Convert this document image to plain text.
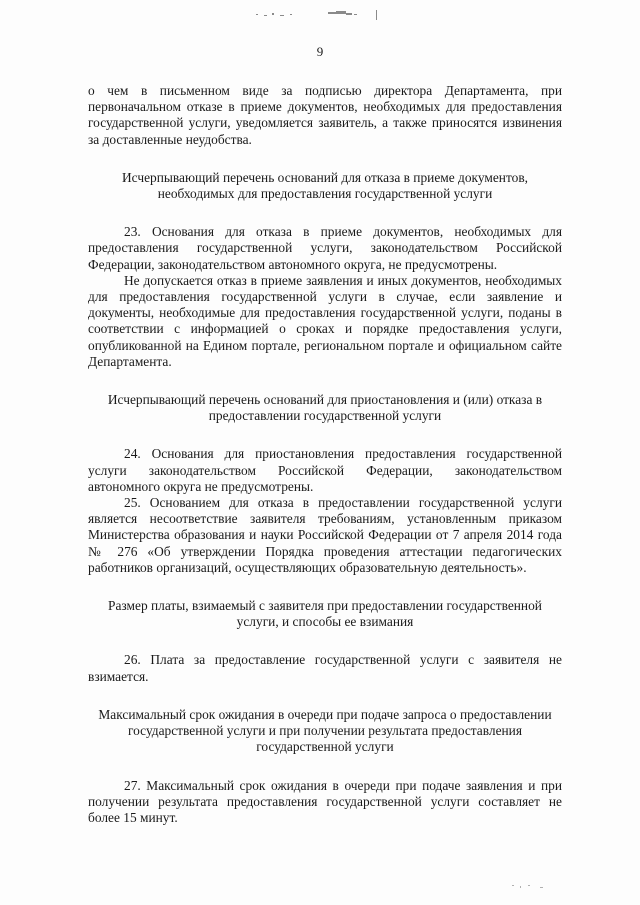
9

о чем в письменном виде за подписью директора Департамента, при первоначальном отказе в приеме документов, необходимых для предоставления государственной услуги, уведомляется заявитель, а также приносятся извинения за доставленные неудобства.

Исчерпывающий перечень оснований для отказа в приеме документов, необходимых для предоставления государственной услуги

23. Основания для отказа в приеме документов, необходимых для предоставления государственной услуги, законодательством Российской Федерации, законодательством автономного округа, не предусмотрены.

Не допускается отказ в приеме заявления и иных документов, необходимых для предоставления государственной услуги в случае, если заявление и документы, необходимые для предоставления государственной услуги, поданы в соответствии с информацией о сроках и порядке предоставления услуги, опубликованной на Едином портале, региональном портале и официальном сайте Департамента.

Исчерпывающий перечень оснований для приостановления и (или) отказа в предоставлении государственной услуги

24. Основания для приостановления предоставления государственной услуги законодательством Российской Федерации, законодательством автономного округа не предусмотрены.

25. Основанием для отказа в предоставлении государственной услуги является несоответствие заявителя требованиям, установленным приказом Министерства образования и науки Российской Федерации от 7 апреля 2014 года № 276 «Об утверждении Порядка проведения аттестации педагогических работников организаций, осуществляющих образовательную деятельность».

Размер платы, взимаемый с заявителя при предоставлении государственной услуги, и способы ее взимания

26. Плата за предоставление государственной услуги с заявителя не взимается.

Максимальный срок ожидания в очереди при подаче запроса о предоставлении государственной услуги и при получении результата предоставления государственной услуги

27. Максимальный срок ожидания в очереди при подаче заявления и при получении результата предоставления государственной услуги составляет не более 15 минут.
